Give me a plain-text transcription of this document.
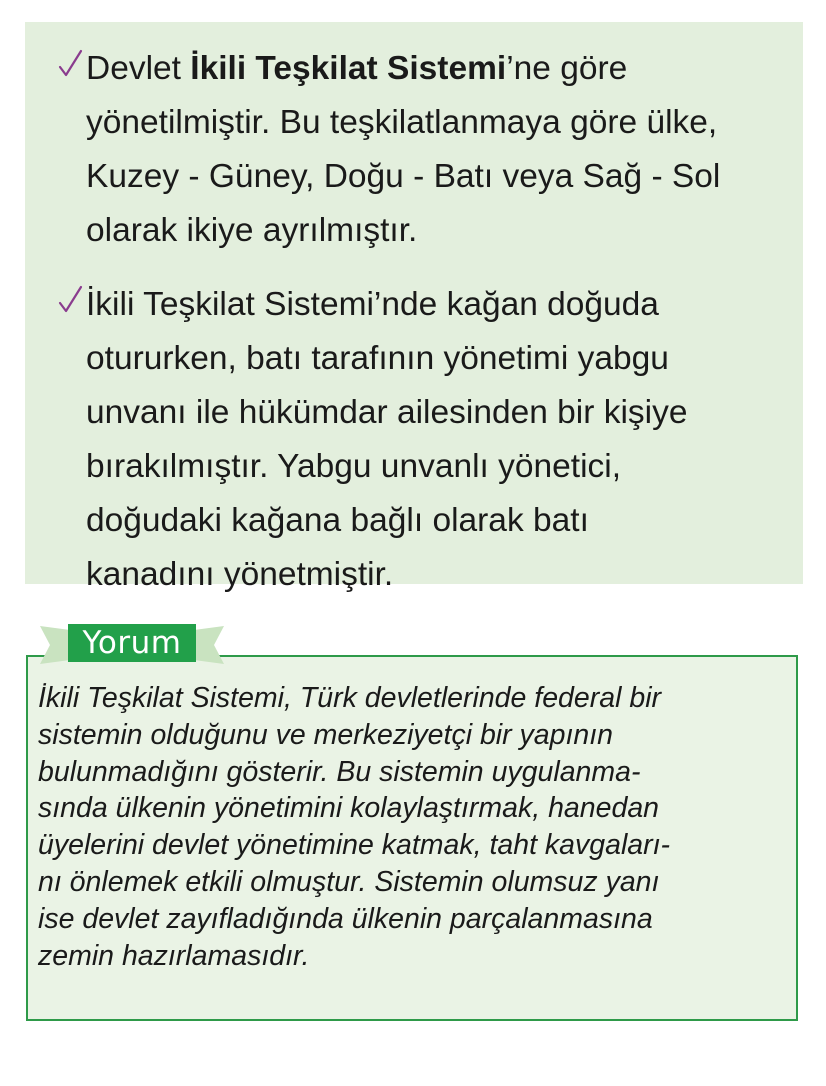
Devlet İkili Teşkilat Sistemi’ne göre
yönetilmiştir. Bu teşkilatlanmaya göre ülke,
Kuzey - Güney, Doğu - Batı veya Sağ - Sol
olarak ikiye ayrılmıştır.

İkili Teşkilat Sistemi’nde kağan doğuda
otururken, batı tarafının yönetimi yabgu
unvanı ile hükümdar ailesinden bir kişiye
bırakılmıştır. Yabgu unvanlı yönetici,
doğudaki kağana bağlı olarak batı
kanadını yönetmiştir.

Yorum

İkili Teşkilat Sistemi, Türk devletlerinde federal bir
sistemin olduğunu ve merkeziyetçi bir yapının
bulunmadığını gösterir. Bu sistemin uygulanma-
sında ülkenin yönetimini kolaylaştırmak, hanedan
üyelerini devlet yönetimine katmak, taht kavgaları-
nı önlemek etkili olmuştur. Sistemin olumsuz yanı
ise devlet zayıfladığında ülkenin parçalanmasına
zemin hazırlamasıdır.
